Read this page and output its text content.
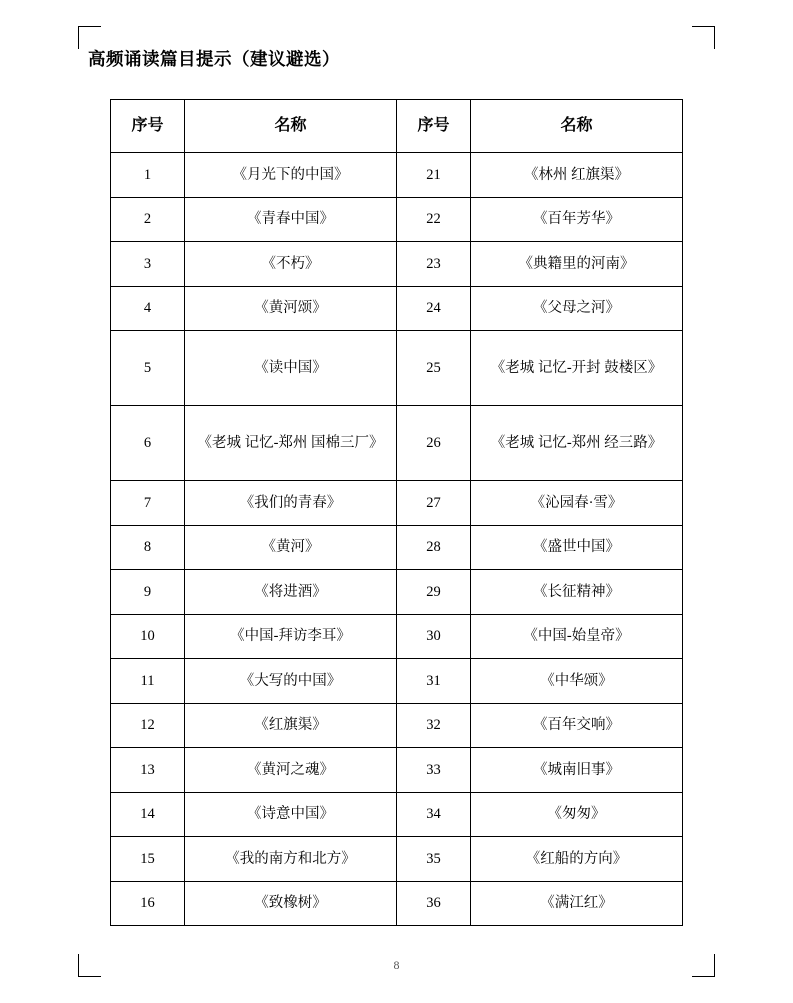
高频诵读篇目提示（建议避选）
序号	名称	序号	名称
1	《月光下的中国》	21	《林州 红旗渠》
2	《青春中国》	22	《百年芳华》
3	《不朽》	23	《典籍里的河南》
4	《黄河颂》	24	《父母之河》
5	《读中国》	25	《老城 记忆-开封 鼓楼区》
6	《老城 记忆-郑州 国棉三厂》	26	《老城 记忆-郑州 经三路》
7	《我们的青春》	27	《沁园春·雪》
8	《黄河》	28	《盛世中国》
9	《将进酒》	29	《长征精神》
10	《中国-拜访李耳》	30	《中国-始皇帝》
11	《大写的中国》	31	《中华颂》
12	《红旗渠》	32	《百年交响》
13	《黄河之魂》	33	《城南旧事》
14	《诗意中国》	34	《匆匆》
15	《我的南方和北方》	35	《红船的方向》
16	《致橡树》	36	《满江红》
8
